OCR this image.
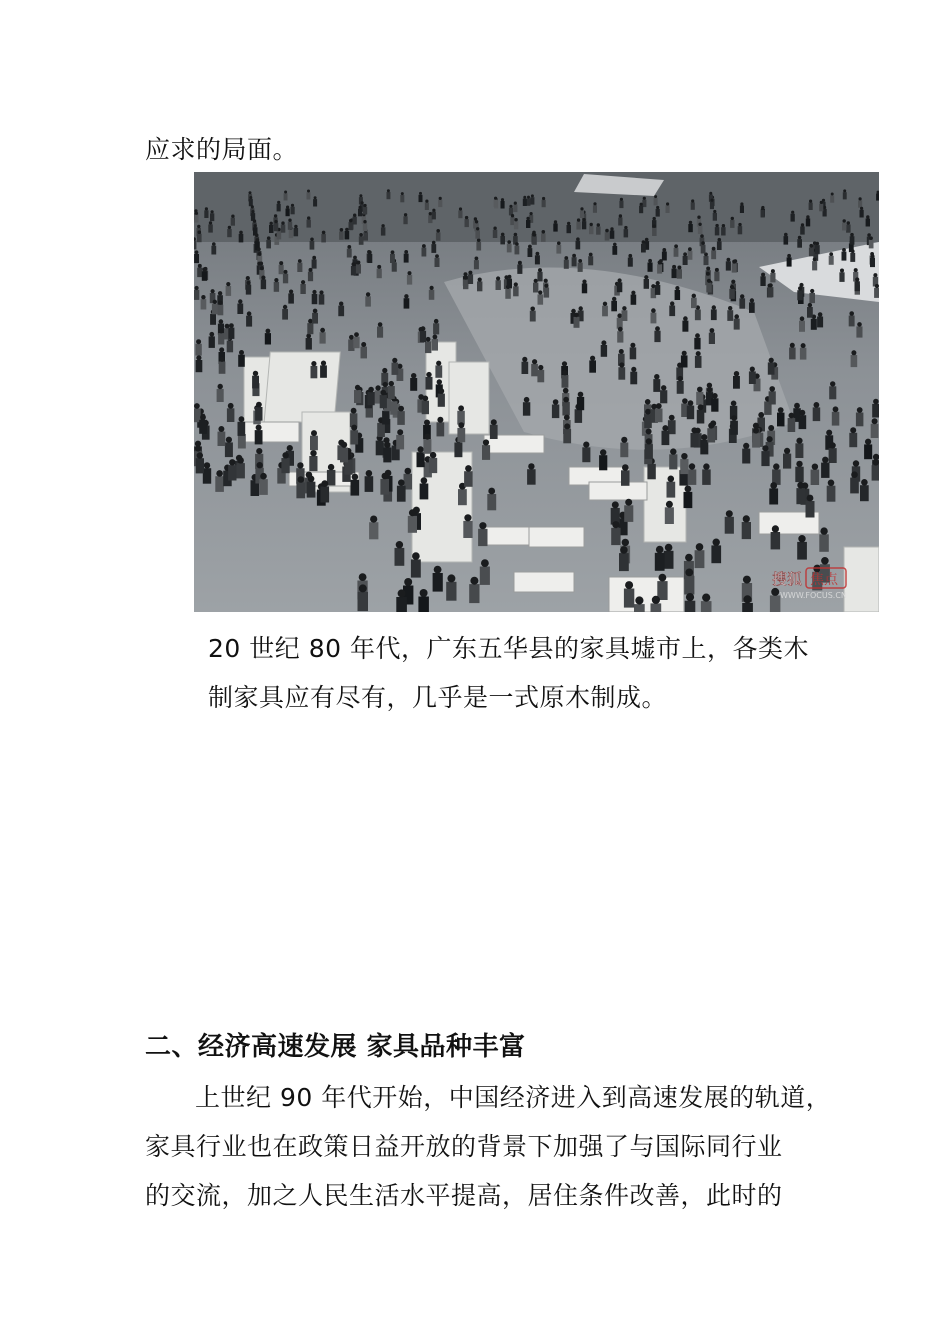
应求的局面。
搜狐 焦点
WWW.FOCUS.CN
20 世纪 80 年代，广东五华县的家具墟市上，各类木
制家具应有尽有，几乎是一式原木制成。
二、经济高速发展 家具品种丰富
上世纪 90 年代开始，中国经济进入到高速发展的轨道，
家具行业也在政策日益开放的背景下加强了与国际同行业
的交流，加之人民生活水平提高，居住条件改善，此时的
